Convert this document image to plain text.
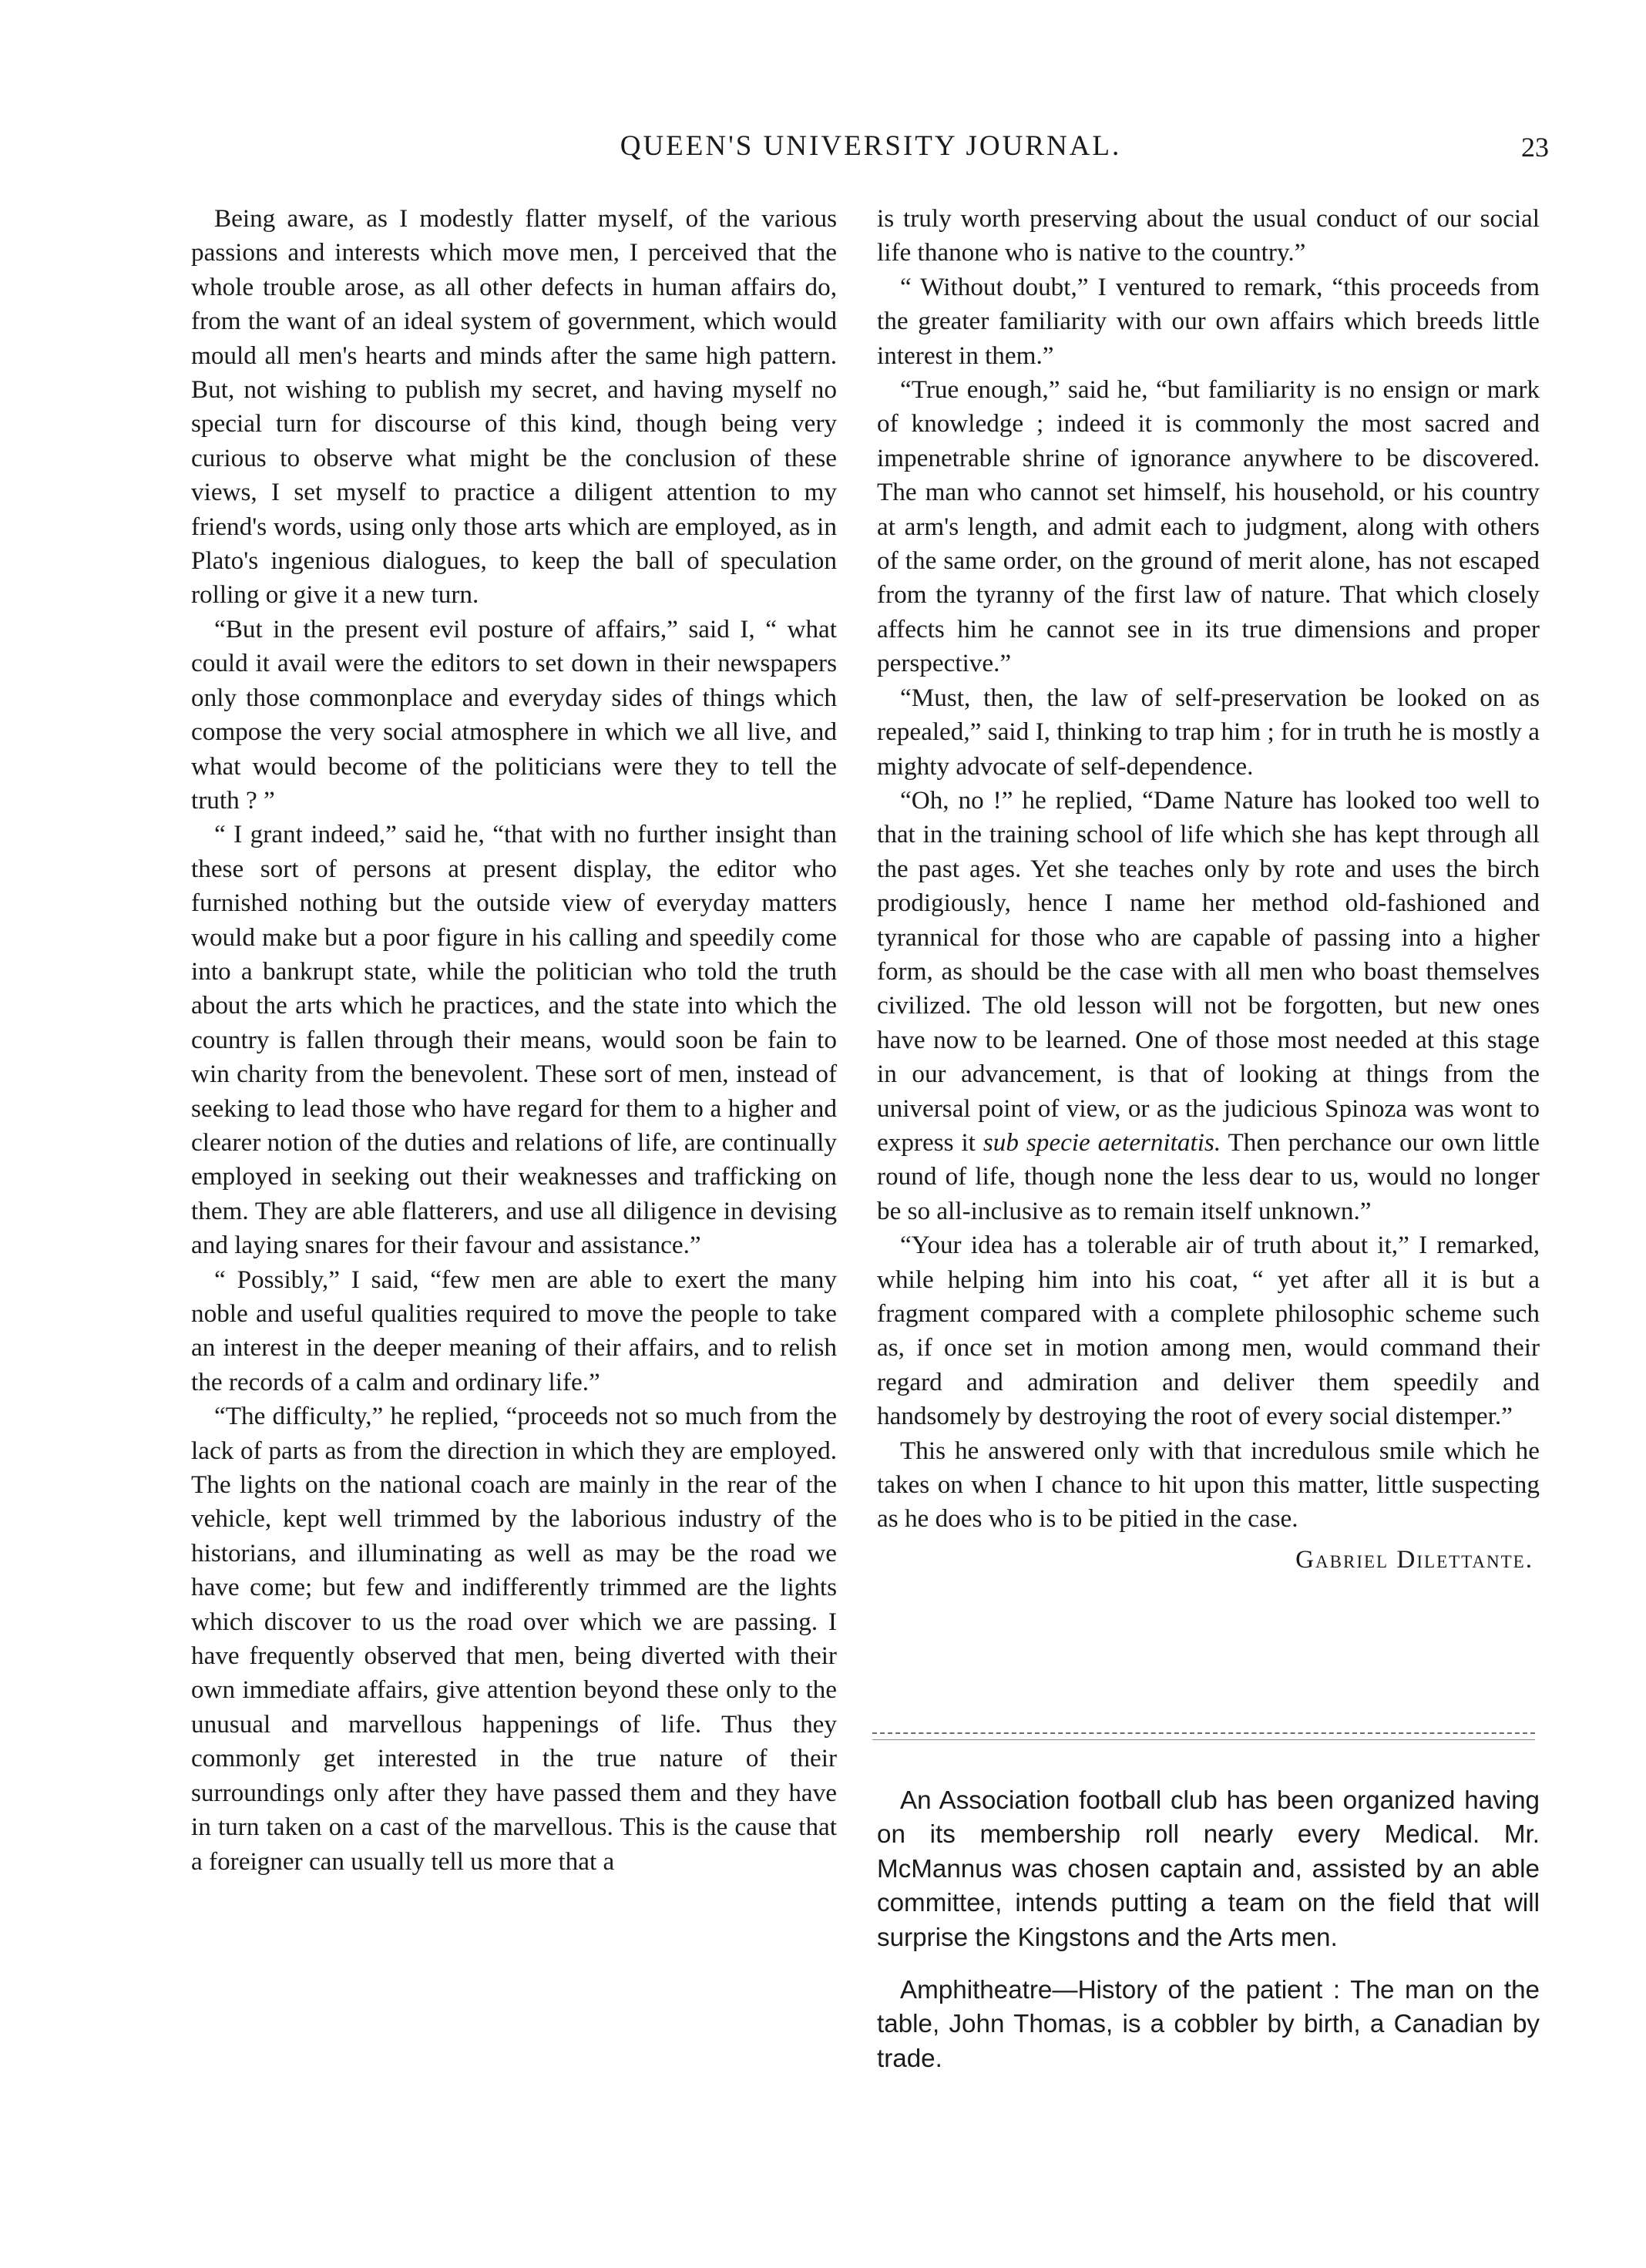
QUEEN'S UNIVERSITY JOURNAL.	23

Being aware, as I modestly flatter myself, of the various passions and interests which move men, I perceived that the whole trouble arose, as all other defects in human affairs do, from the want of an ideal system of government, which would mould all men's hearts and minds after the same high pattern. But, not wishing to publish my secret, and having myself no special turn for discourse of this kind, though being very curious to observe what might be the conclusion of these views, I set myself to practice a diligent attention to my friend's words, using only those arts which are employed, as in Plato's ingenious dialogues, to keep the ball of speculation rolling or give it a new turn.

“But in the present evil posture of affairs,” said I, “ what could it avail were the editors to set down in their newspapers only those commonplace and everyday sides of things which compose the very social atmosphere in which we all live, and what would become of the politicians were they to tell the truth ? ”

“ I grant indeed,” said he, “that with no further insight than these sort of persons at present display, the editor who furnished nothing but the outside view of everyday matters would make but a poor figure in his calling and speedily come into a bankrupt state, while the politician who told the truth about the arts which he practices, and the state into which the country is fallen through their means, would soon be fain to win charity from the benevolent. These sort of men, instead of seeking to lead those who have regard for them to a higher and clearer notion of the duties and relations of life, are continually employed in seeking out their weaknesses and trafficking on them. They are able flatterers, and use all diligence in devising and laying snares for their favour and assistance.”

“ Possibly,” I said, “few men are able to exert the many noble and useful qualities required to move the people to take an interest in the deeper meaning of their affairs, and to relish the records of a calm and ordinary life.”

“The difficulty,” he replied, “proceeds not so much from the lack of parts as from the direction in which they are employed. The lights on the national coach are mainly in the rear of the vehicle, kept well trimmed by the laborious industry of the historians, and illuminating as well as may be the road we have come; but few and indifferently trimmed are the lights which discover to us the road over which we are passing. I have frequently observed that men, being diverted with their own immediate affairs, give attention beyond these only to the unusual and marvellous happenings of life. Thus they commonly get interested in the true nature of their surroundings only after they have passed them and they have in turn taken on a cast of the marvellous. This is the cause that a foreigner can usually tell us more that a

is truly worth preserving about the usual conduct of our social life thanone who is native to the country.”

“ Without doubt,” I ventured to remark, “this proceeds from the greater familiarity with our own affairs which breeds little interest in them.”

“True enough,” said he, “but familiarity is no ensign or mark of knowledge ; indeed it is commonly the most sacred and impenetrable shrine of ignorance anywhere to be discovered. The man who cannot set himself, his household, or his country at arm's length, and admit each to judgment, along with others of the same order, on the ground of merit alone, has not escaped from the tyranny of the first law of nature. That which closely affects him he cannot see in its true dimensions and proper perspective.”

“Must, then, the law of self-preservation be looked on as repealed,” said I, thinking to trap him ; for in truth he is mostly a mighty advocate of self-dependence.

“Oh, no !” he replied, “Dame Nature has looked too well to that in the training school of life which she has kept through all the past ages. Yet she teaches only by rote and uses the birch prodigiously, hence I name her method old-fashioned and tyrannical for those who are capable of passing into a higher form, as should be the case with all men who boast themselves civilized. The old lesson will not be forgotten, but new ones have now to be learned. One of those most needed at this stage in our advancement, is that of looking at things from the universal point of view, or as the judicious Spinoza was wont to express it sub specie aeternitatis. Then perchance our own little round of life, though none the less dear to us, would no longer be so all-inclusive as to remain itself unknown.”

“Your idea has a tolerable air of truth about it,” I remarked, while helping him into his coat, “ yet after all it is but a fragment compared with a complete philosophic scheme such as, if once set in motion among men, would command their regard and admiration and deliver them speedily and handsomely by destroying the root of every social distemper.”

This he answered only with that incredulous smile which he takes on when I chance to hit upon this matter, little suspecting as he does who is to be pitied in the case.

Gabriel Dilettante.

An Association football club has been organized having on its membership roll nearly every Medical. Mr. McMannus was chosen captain and, assisted by an able committee, intends putting a team on the field that will surprise the Kingstons and the Arts men.

Amphitheatre—History of the patient : The man on the table, John Thomas, is a cobbler by birth, a Canadian by trade.
